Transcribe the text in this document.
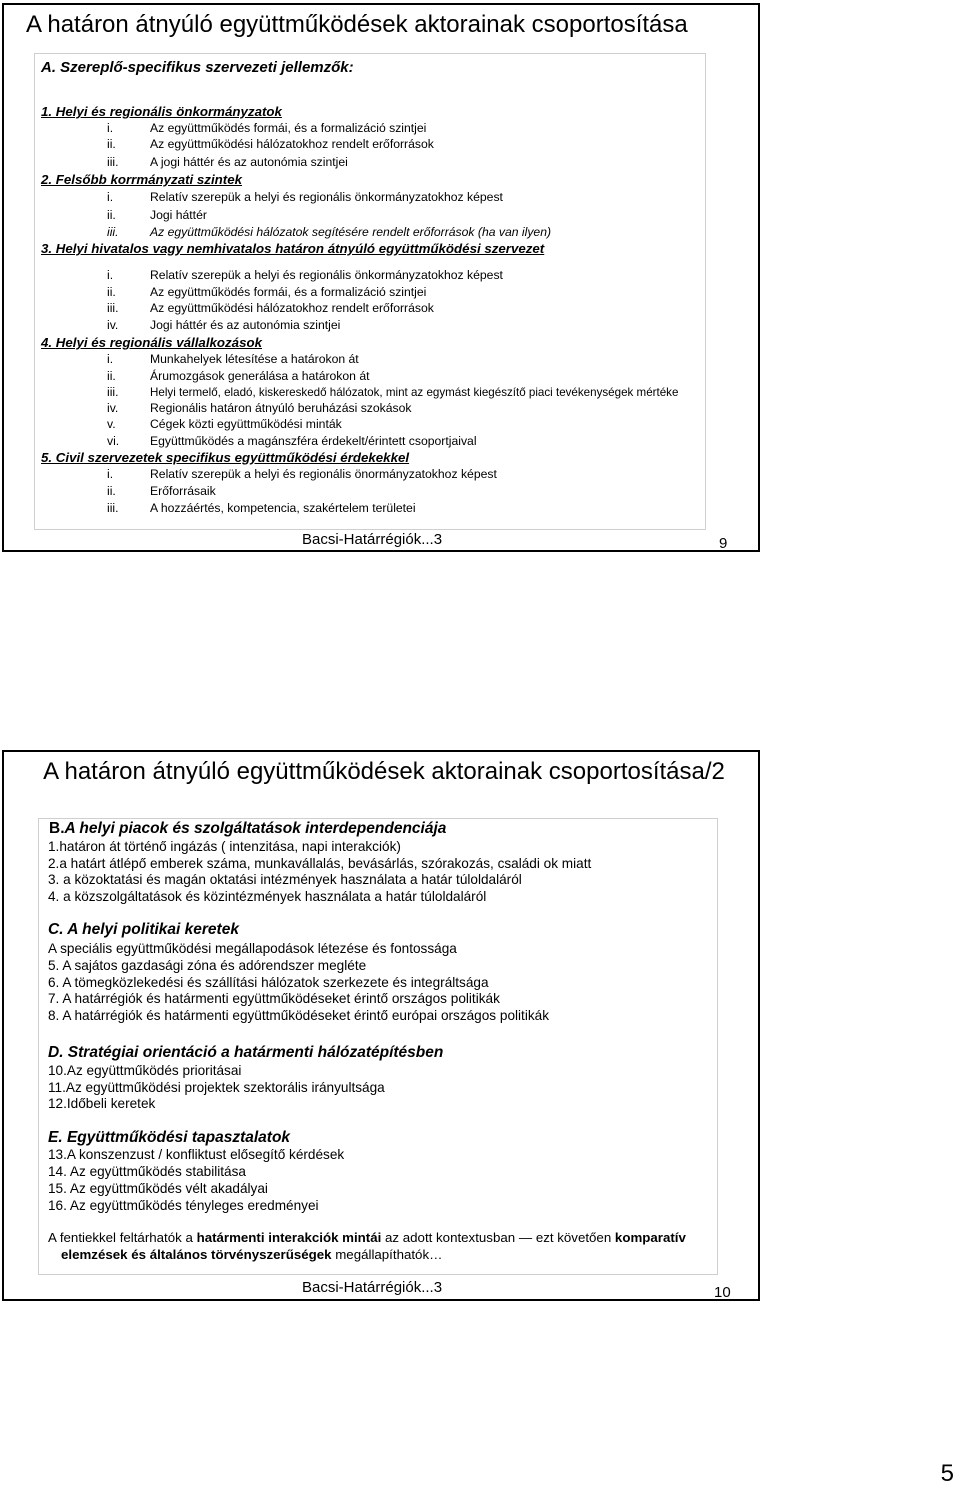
A határon átnyúló együttműködések aktorainak csoportosítása
A. Szereplő-specifikus szervezeti jellemzők:
1. Helyi és regionális önkormányzatok
i.	Az együttműködés formái, és a formalizáció szintjei
ii.	Az együttműködési hálózatokhoz rendelt erőforrások
iii.	A jogi háttér és az autonómia szintjei
2. Felsőbb korrmányzati szintek
i.	Relatív szerepük a helyi és regionális önkormányzatokhoz képest
ii.	Jogi háttér
iii.	Az együttműködési hálózatok segítésére rendelt erőforrások (ha van ilyen)
3. Helyi hivatalos vagy nemhivatalos határon átnyúló együttműködési szervezet
i.	Relatív szerepük a helyi és regionális önkormányzatokhoz képest
ii.	Az együttműködés formái, és a formalizáció szintjei
iii.	Az együttműködési hálózatokhoz rendelt erőforrások
iv.	Jogi háttér és az autonómia szintjei
4. Helyi és regionális vállalkozások
i.	Munkahelyek létesítése a határokon át
ii.	Árumozgások generálása a határokon át
iii.	Helyi termelő, eladó, kiskereskedő hálózatok, mint az egymást kiegészítő piaci tevékenységek mértéke
iv.	Regionális határon átnyúló beruházási szokások
v.	Cégek közti együttműködési minták
vi.	Együttműködés a magánszféra érdekelt/érintett csoportjaival
5. Civil szervezetek specifikus együttműködési érdekekkel
i.	Relatív szerepük a helyi és regionális önormányzatokhoz képest
ii.	Erőforrásaik
iii.	A hozzáértés, kompetencia, szakértelem területei
Bacsi-Határrégiók...3	9
A határon átnyúló együttműködések aktorainak csoportosítása/2
B.A helyi piacok és szolgáltatások interdependenciája
1.határon át történő ingázás ( intenzitása, napi interakciók)
2.a határt átlépő emberek száma, munkavállalás, bevásárlás, szórakozás, családi ok miatt
3. a közoktatási és magán oktatási intézmények használata a határ túloldaláról
4. a közszolgáltatások és közintézmények használata a határ túloldaláról
C. A helyi politikai keretek
A speciális együttműködési megállapodások létezése és fontossága
5. A sajátos gazdasági zóna és adórendszer megléte
6. A tömegközlekedési és szállítási hálózatok szerkezete és integráltsága
7. A határrégiók és határmenti együttműködéseket érintő országos politikák
8. A határrégiók és határmenti együttműködéseket érintő európai országos politikák
D. Stratégiai orientáció a határmenti hálózatépítésben
10.Az együttműködés prioritásai
11.Az együttműködési projektek szektorális irányultsága
12.Időbeli keretek
E. Együttműködési tapasztalatok
13.A konszenzust / konfliktust elősegítő kérdések
14. Az együttműködés stabilitása
15. Az együttműködés vélt akadályai
16. Az együttműködés tényleges eredményei
A fentiekkel feltárhatók a határmenti interakciók mintái az adott kontextusban — ezt követően komparatív
elemzések és általános törvényszerűségek megállapíthatók…
Bacsi-Határrégiók...3	10
5
